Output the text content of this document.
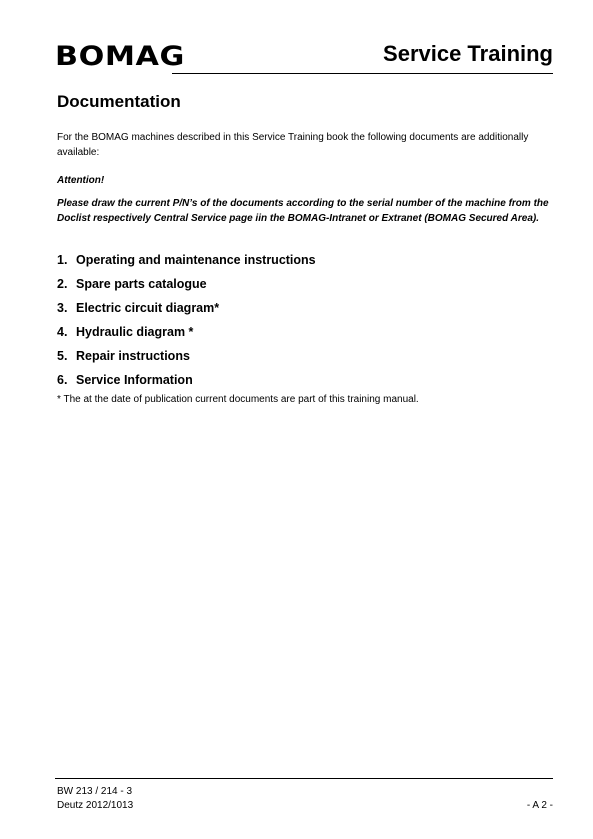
BOMAG	Service Training
Documentation

For the BOMAG machines described in this Service Training book the following documents are additionally available:

Attention!

Please draw the current P/N’s of the documents according to the serial number of the machine from the Doclist respectively Central Service page iin the BOMAG-Intranet or Extranet (BOMAG Secured Area).

1. Operating and maintenance instructions
2. Spare parts catalogue
3. Electric circuit diagram*
4. Hydraulic diagram *
5. Repair instructions
6. Service Information

* The at the date of publication current documents are part of this training manual.

BW 213 / 214 - 3
Deutz 2012/1013	- A 2 -
